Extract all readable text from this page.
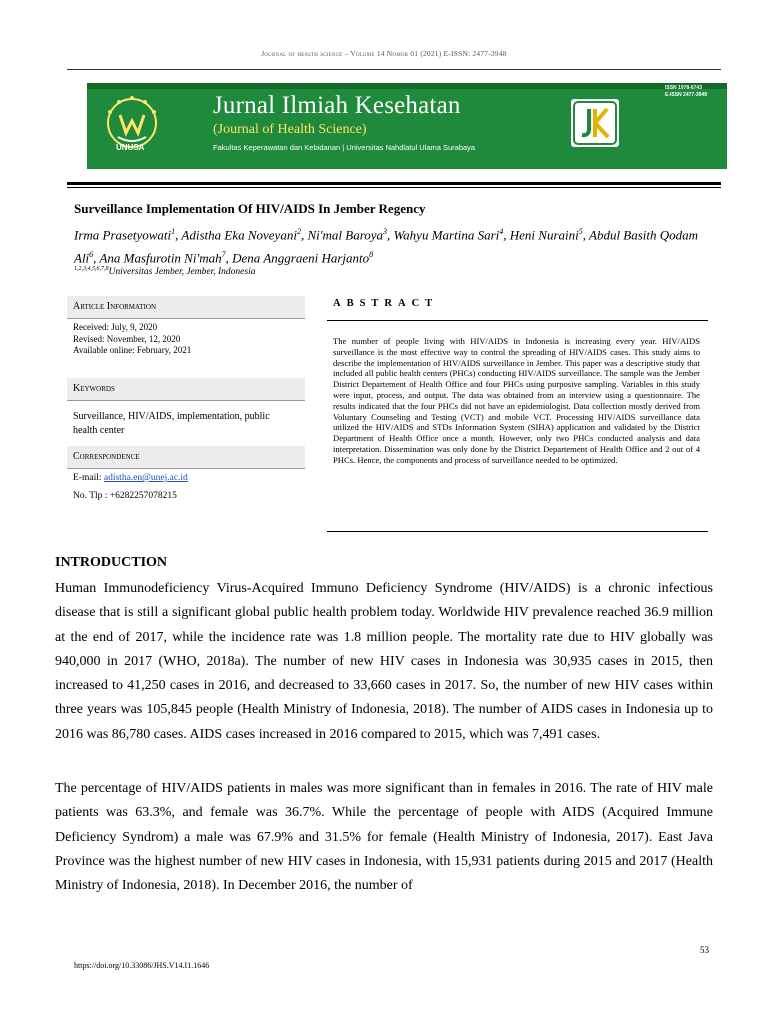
Journal of health science – Volume 14 Nomor 01 (2021) E-ISSN: 2477-3948
ISSN 1978-6743
E-ISSN 2477-3948
UNUSA
Jurnal Ilmiah Kesehatan
(Journal of Health Science)
Fakultas Keperawatan dan Kebidanan | Universitas Nahdlatul Ulama Surabaya
Surveillance Implementation Of HIV/AIDS In Jember Regency
Irma Prasetyowati$^1$, Adistha Eka Noveyani$^2$, Ni'mal Baroya$^3$, Wahyu Martina Sari$^4$, Heni Nuraini$^5$, Abdul Basith Qodam Ali$^6$, Ana Masfurotin Ni'mah$^7$, Dena Anggraeni Harjanto$^8$
$^{1,2,3,4,5,6,7,8}$Universitas Jember, Jember, Indonesia
Article Information
Received: July, 9, 2020
Revised: November, 12, 2020
Available online: February, 2021
Keywords
Surveillance, HIV/AIDS, implementation, public health center
Correspondence
E-mail: adistha.en@unej.ac.id
No. Tlp : +6282257078215
ABSTRACT
The number of people living with HIV/AIDS in Indonesia is increasing every year. HIV/AIDS surveillance is the most effective way to control the spreading of HIV/AIDS cases. This study aims to describe the implementation of HIV/AIDS surveillance in Jember. This paper was a descriptive study that included all public health centers (PHCs) conducting HIV/AIDS surveillance. The sample was the Jember District Departement of Health Office and four PHCs using purposive sampling. Variables in this study were input, process, and output. The data was obtained from an interview using a questionnaire. The results indicated that the four PHCs did not have an epidemiologist. Data collection mostly derived from Voluntary Counseling and Testing (VCT) and mobile VCT. Processing HIV/AIDS surveillance data utilized the HIV/AIDS and STDs Information System (SIHA) application and validated by the District Department of Health Office once a month. However, only two PHCs conducted analysis and data interpretation. Dissemination was only done by the District Departement of Health Office and 2 out of 4 PHCs. Hence, the components and process of surveillance needed to be optimized.
INTRODUCTION
Human Immunodeficiency Virus-Acquired Immuno Deficiency Syndrome (HIV/AIDS) is a chronic infectious disease that is still a significant global public health problem today. Worldwide HIV prevalence reached 36.9 million at the end of 2017, while the incidence rate was 1.8 million people. The mortality rate due to HIV globally was 940,000 in 2017 (WHO, 2018a). The number of new HIV cases in Indonesia was 30,935 cases in 2015, then increased to 41,250 cases in 2016, and decreased to 33,660 cases in 2017. So, the number of new HIV cases within three years was 105,845 people (Health Ministry of Indonesia, 2018). The number of AIDS cases in Indonesia up to 2016 was 86,780 cases. AIDS cases increased in 2016 compared to 2015, which was 7,491 cases.
The percentage of HIV/AIDS patients in males was more significant than in females in 2016. The rate of HIV male patients was 63.3%, and female was 36.7%. While the percentage of people with AIDS (Acquired Immune Deficiency Syndrom) a male was 67.9% and 31.5% for female (Health Ministry of Indonesia, 2017). East Java Province was the highest number of new HIV cases in Indonesia, with 15,931 patients during 2015 and 2017 (Health Ministry of Indonesia, 2018). In December 2016, the number of
53
https://doi.org/10.33086/JHS.V14.I1.1646
